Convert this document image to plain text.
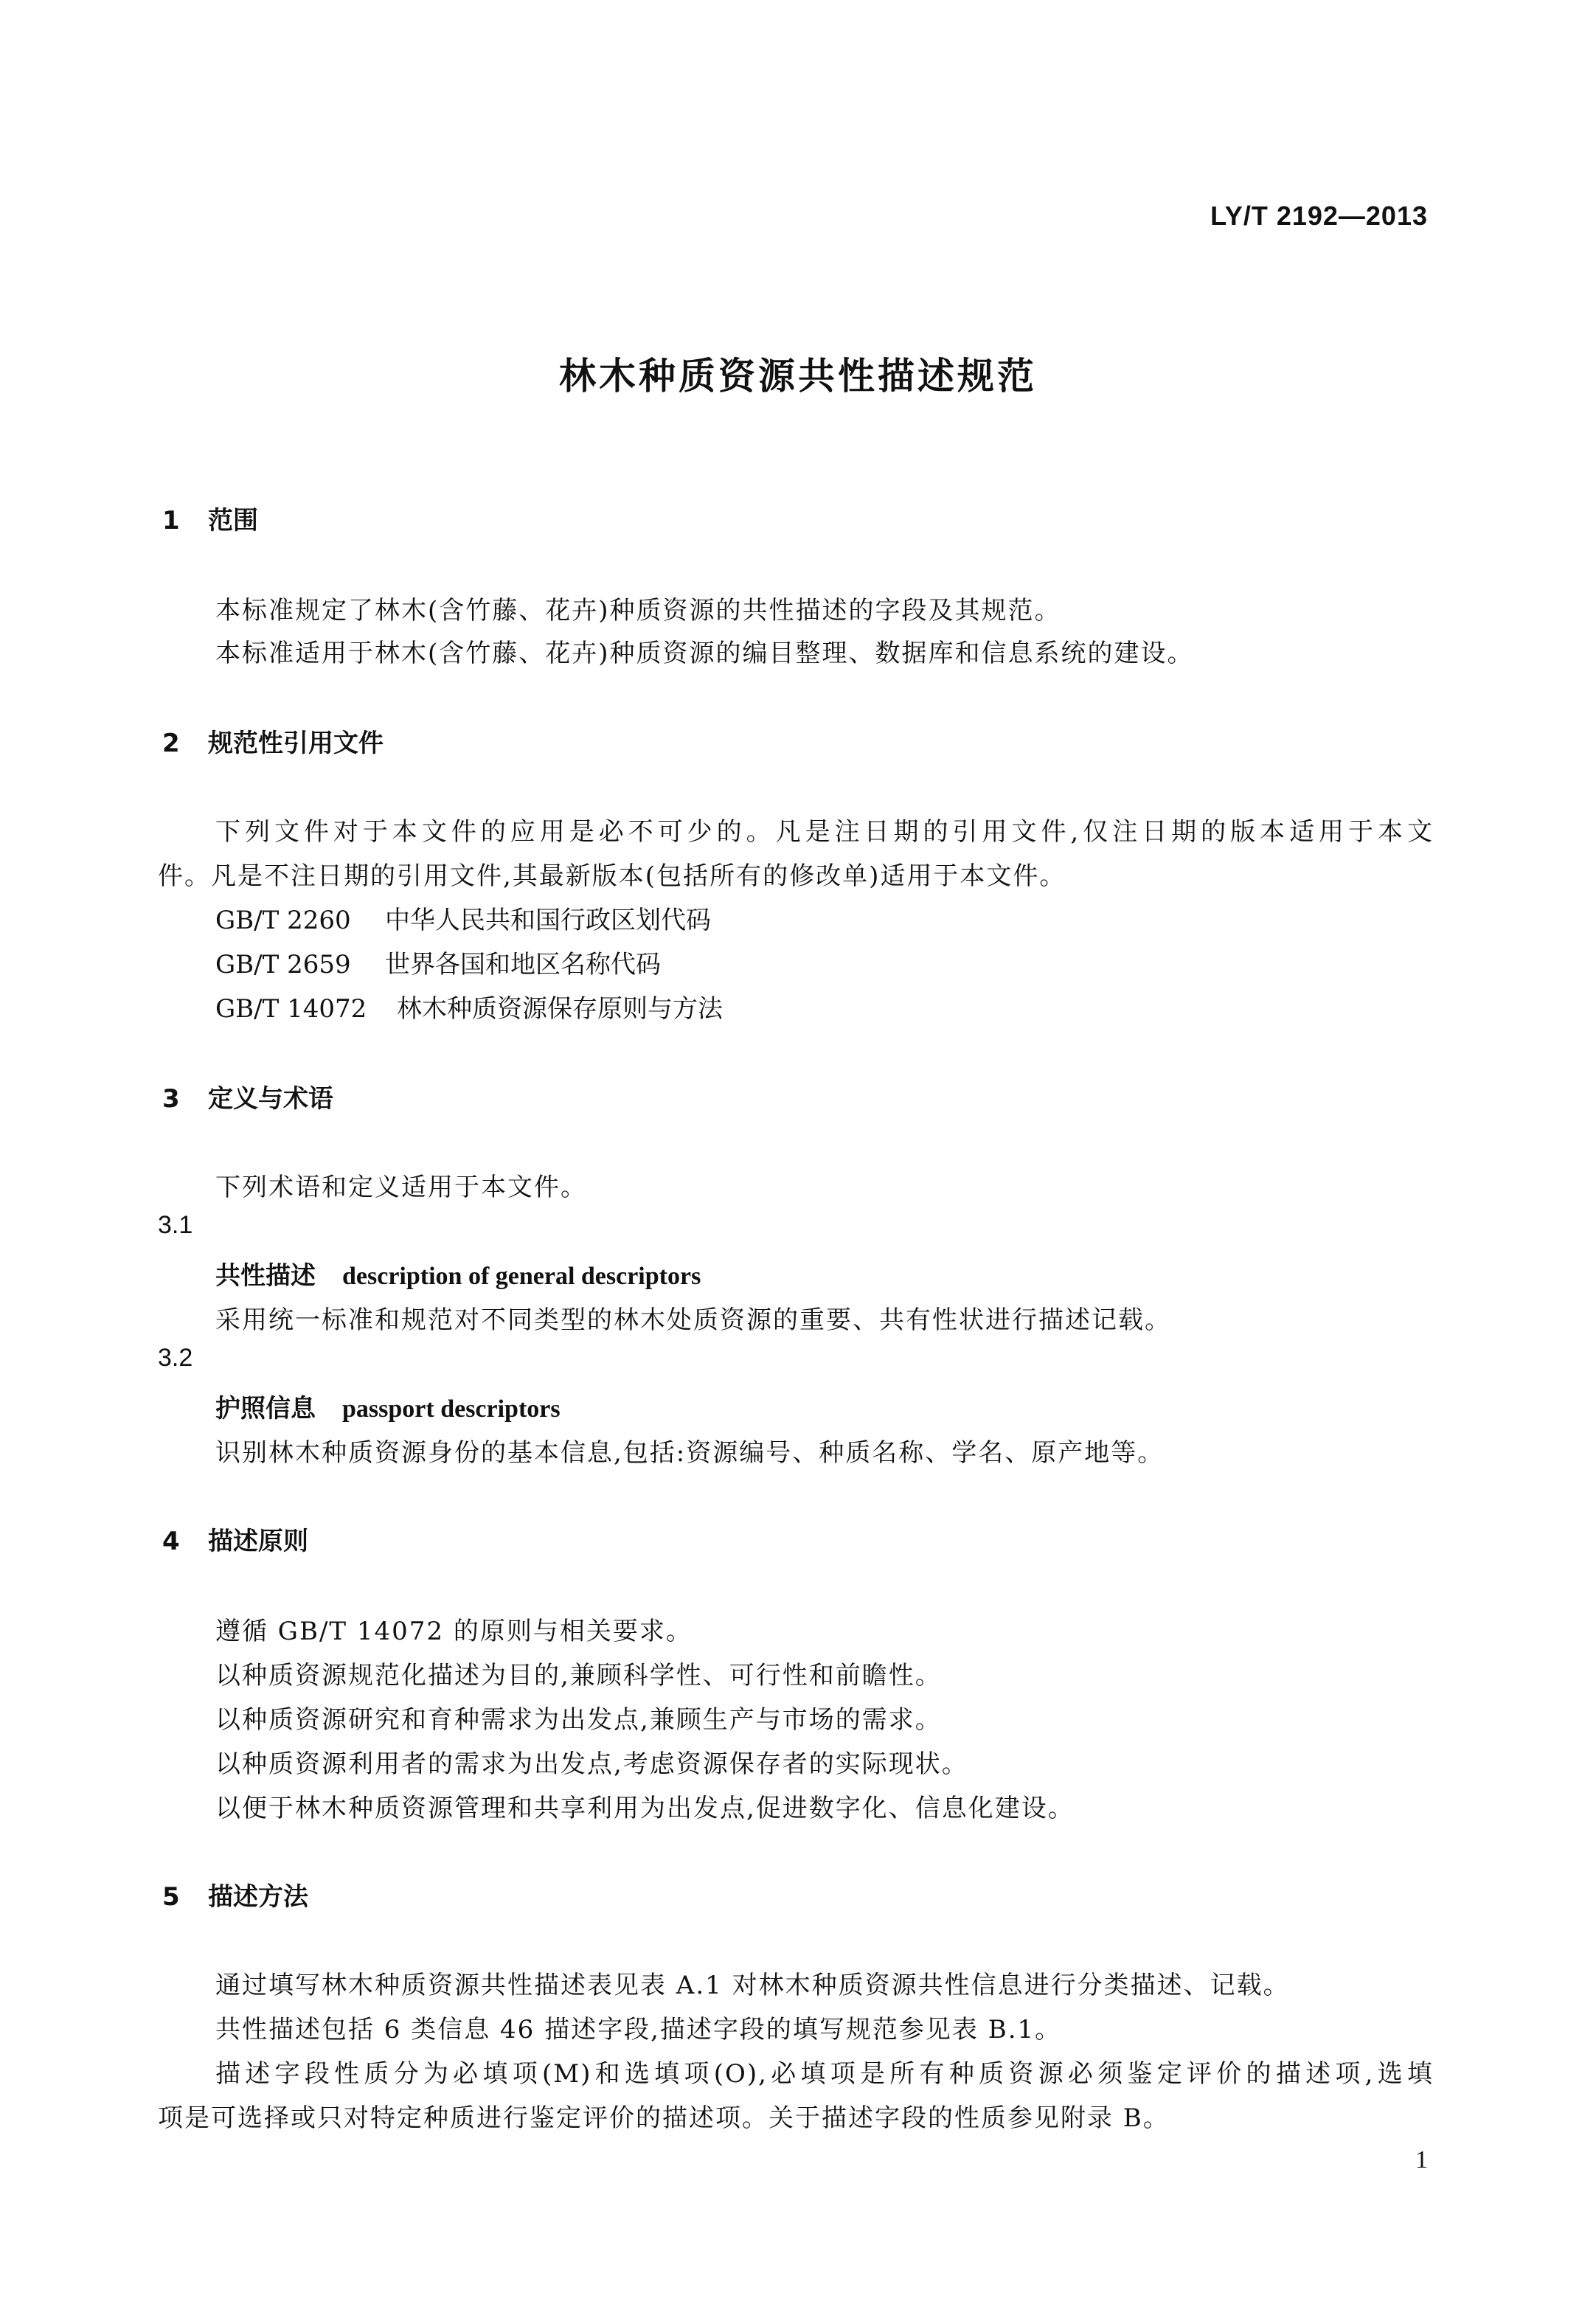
LY/T 2192—2013
林木种质资源共性描述规范
1 范围
本标准规定了林木(含竹藤、花卉)种质资源的共性描述的字段及其规范。
本标准适用于林木(含竹藤、花卉)种质资源的编目整理、数据库和信息系统的建设。
2 规范性引用文件
下列文件对于本文件的应用是必不可少的。凡是注日期的引用文件,仅注日期的版本适用于本文
件。凡是不注日期的引用文件,其最新版本(包括所有的修改单)适用于本文件。
GB/T 2260 中华人民共和国行政区划代码
GB/T 2659 世界各国和地区名称代码
GB/T 14072 林木种质资源保存原则与方法
3 定义与术语
下列术语和定义适用于本文件。
3.1
共性描述 description of general descriptors
采用统一标准和规范对不同类型的林木处质资源的重要、共有性状进行描述记载。
3.2
护照信息 passport descriptors
识别林木种质资源身份的基本信息,包括:资源编号、种质名称、学名、原产地等。
4 描述原则
遵循 GB/T 14072 的原则与相关要求。
以种质资源规范化描述为目的,兼顾科学性、可行性和前瞻性。
以种质资源研究和育种需求为出发点,兼顾生产与市场的需求。
以种质资源利用者的需求为出发点,考虑资源保存者的实际现状。
以便于林木种质资源管理和共享利用为出发点,促进数字化、信息化建设。
5 描述方法
通过填写林木种质资源共性描述表见表 A.1 对林木种质资源共性信息进行分类描述、记载。
共性描述包括 6 类信息 46 描述字段,描述字段的填写规范参见表 B.1。
描述字段性质分为必填项(M)和选填项(O),必填项是所有种质资源必须鉴定评价的描述项,选填
项是可选择或只对特定种质进行鉴定评价的描述项。关于描述字段的性质参见附录 B。
1
